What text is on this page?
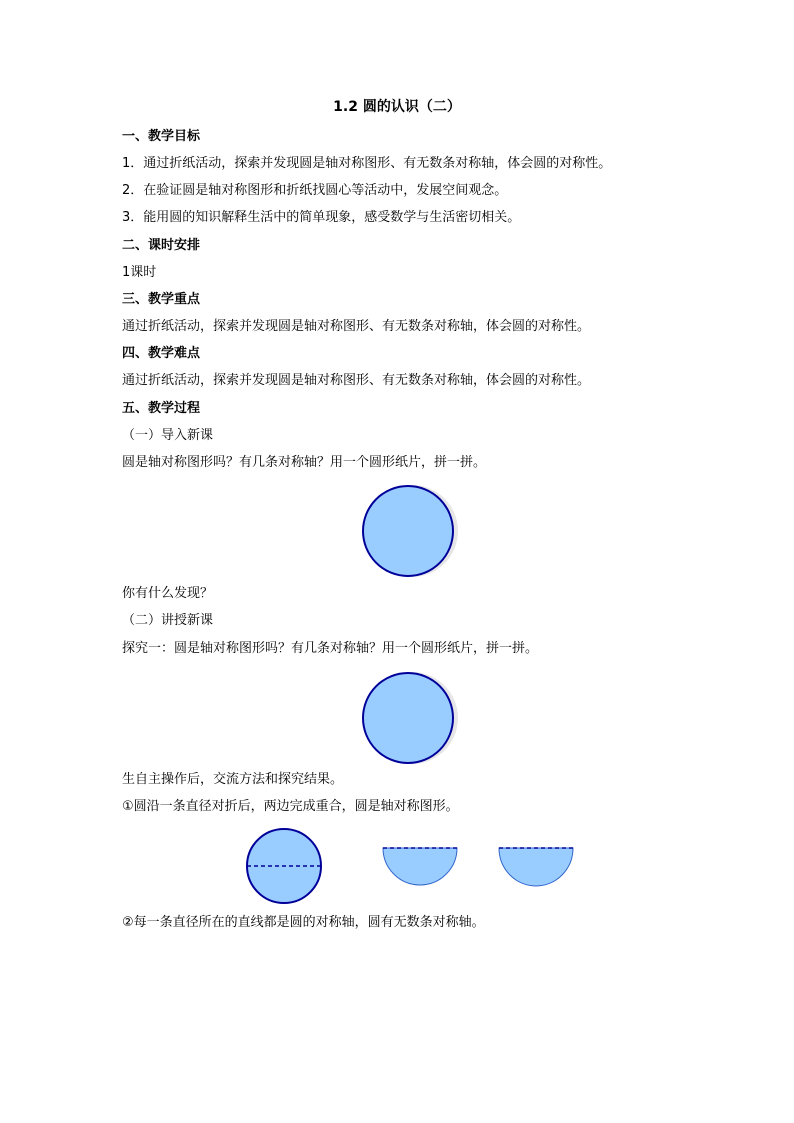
1.2 圆的认识（二）
一、教学目标
1．通过折纸活动，探索并发现圆是轴对称图形、有无数条对称轴，体会圆的对称性。
2．在验证圆是轴对称图形和折纸找圆心等活动中，发展空间观念。
3．能用圆的知识解释生活中的简单现象，感受数学与生活密切相关。
二、课时安排
1课时
三、教学重点
通过折纸活动，探索并发现圆是轴对称图形、有无数条对称轴，体会圆的对称性。
四、教学难点
通过折纸活动，探索并发现圆是轴对称图形、有无数条对称轴，体会圆的对称性。
五、教学过程
（一）导入新课
圆是轴对称图形吗？有几条对称轴？用一个圆形纸片，拼一拼。
你有什么发现？
（二）讲授新课
探究一：圆是轴对称图形吗？有几条对称轴？用一个圆形纸片，拼一拼。
生自主操作后，交流方法和探究结果。
①圆沿一条直径对折后，两边完成重合，圆是轴对称图形。
②每一条直径所在的直线都是圆的对称轴，圆有无数条对称轴。
